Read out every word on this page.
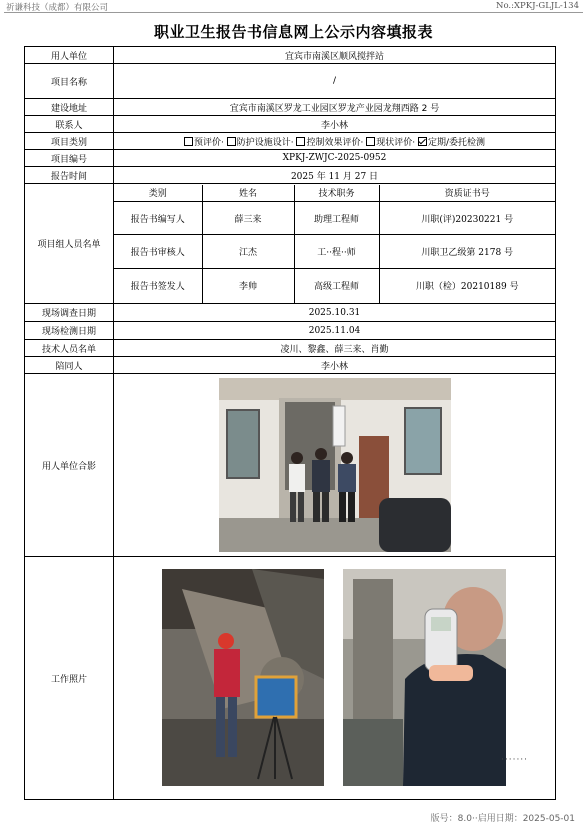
祈谦科技（成都）有限公司	No.:XPKJ-GLJL-134
职业卫生报告书信息网上公示内容填报表
用人单位	宜宾市南溪区顺风搅拌站
项目名称	/
建设地址	宜宾市南溪区罗龙工业园区罗龙产业园龙翔西路 2 号
联系人	李小林
项目类别	预评价· 防护设施设计· 控制效果评价· 现状评价· 定期/委托检测
项目编号	XPKJ-ZWJC-2025-0952
报告时间	2025 年 11 月 27 日
项目组人员名单	
类别	姓名	技术职务	资质证书号
报告书编写人	薛三来	助理工程师	川职(评)20230221 号
报告书审核人	江杰	工··程··师	川职卫乙级第 2178 号
报告书签发人	李帅	高级工程师	川职（检）20210189 号

现场调查日期	2025.10.31
现场检测日期	2025.11.04
技术人员名单	凌川、黎鑫、薛三来、肖勤
陪同人	李小林
用人单位合影	

工作照片	
·······
版号：8.0··启用日期：2025-05-01
